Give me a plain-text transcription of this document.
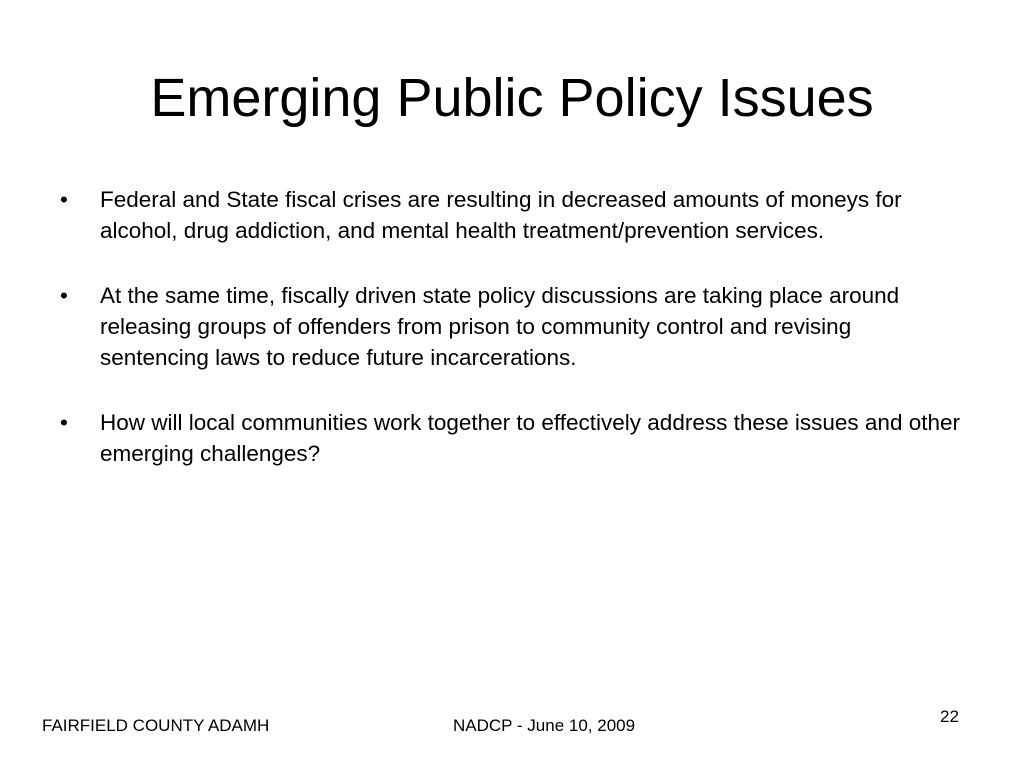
Emerging Public Policy Issues
•	Federal and State fiscal crises are resulting in decreased amounts of moneys for alcohol, drug addiction, and mental health treatment/prevention services.
•	At the same time, fiscally driven state policy discussions are taking place around releasing groups of offenders from prison to community control and revising sentencing laws to reduce future incarcerations.
•	How will local communities work together to effectively address these issues and other emerging challenges?
FAIRFIELD COUNTY ADAMH	NADCP - June 10, 2009	22
